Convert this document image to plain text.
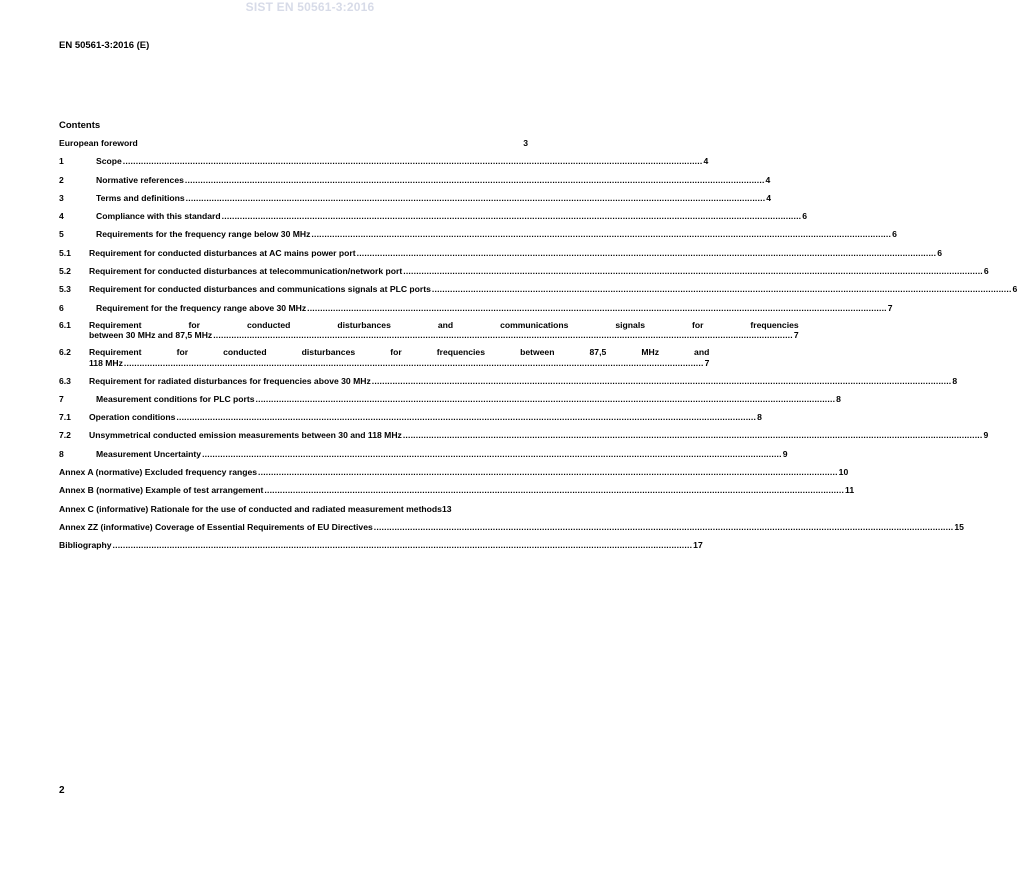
SIST EN 50561-3:2016
EN 50561-3:2016 (E)
Contents
European foreword	3
1	Scope .....	4
2	Normative references .....	4
3	Terms and definitions .....	4
4	Compliance with this standard .....	6
5	Requirements for the frequency range below 30 MHz .....	6
5.1	Requirement for conducted disturbances at AC mains power port .....	6
5.2	Requirement for conducted disturbances at telecommunication/network port .....	6
5.3	Requirement for conducted disturbances and communications signals at PLC ports .....	6
6	Requirement for the frequency range above 30 MHz .....	7
6.1	Requirement for conducted disturbances and communications signals for frequencies
between 30 MHz and 87,5 MHz .....	7
6.2	Requirement for conducted disturbances for frequencies between 87,5 MHz and
118 MHz .....	7
6.3	Requirement for radiated disturbances for frequencies above 30 MHz .....	8
7	Measurement conditions for PLC ports .....	8
7.1	Operation conditions .....	8
7.2	Unsymmetrical conducted emission measurements between 30 and 118 MHz .....	9
8	Measurement Uncertainty .....	9
Annex A (normative) Excluded frequency ranges .....	10
Annex B (normative) Example of test arrangement .....	11
Annex C (informative) Rationale for the use of conducted and radiated measurement methods 13
Annex ZZ (informative) Coverage of Essential Requirements of EU Directives .....	15
Bibliography .....	17
2
